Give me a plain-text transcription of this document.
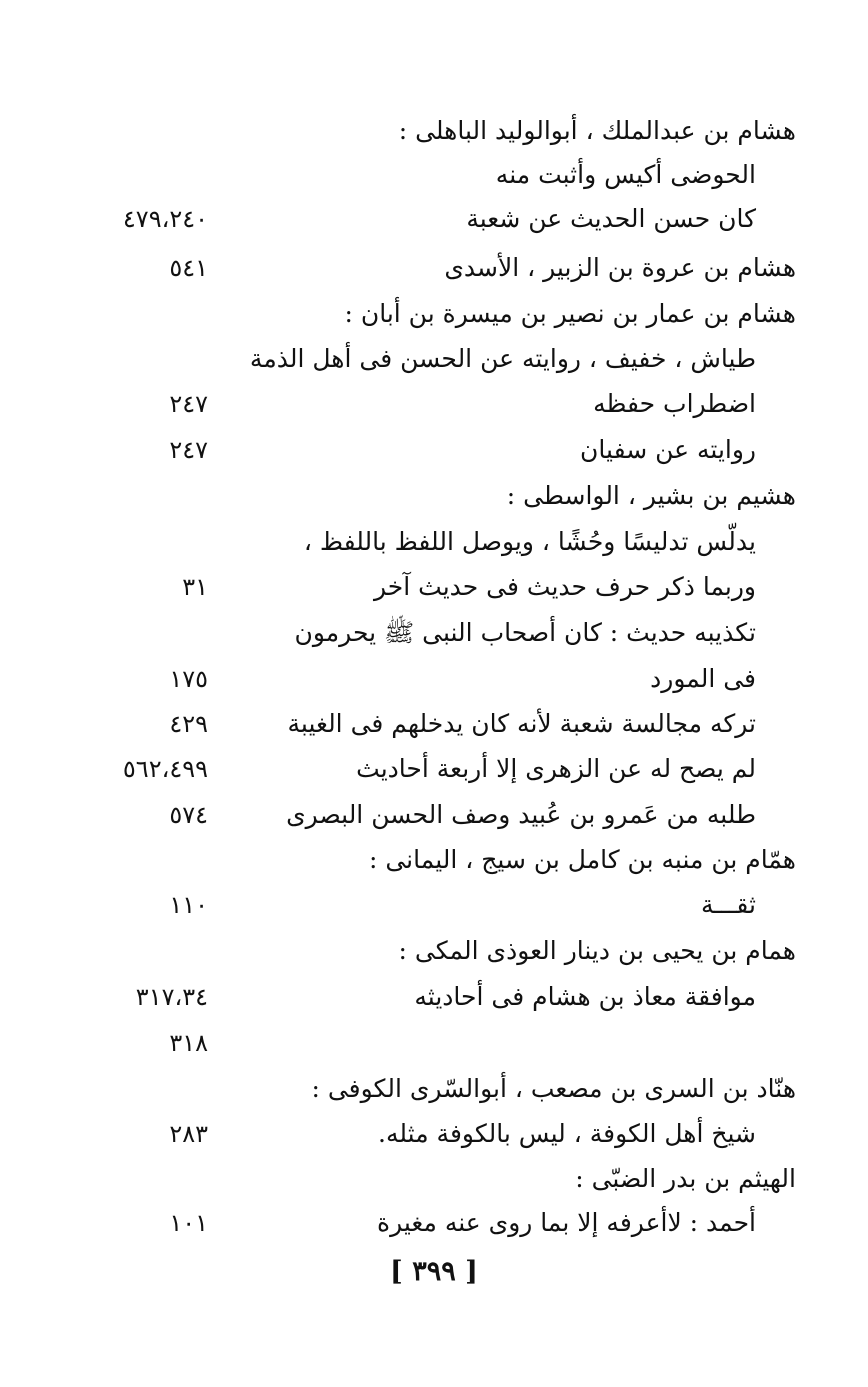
هشام بن عبدالملك ، أبوالوليد الباهلى :
الحوضى أكيس وأثبت منه
كان حسن الحديث عن شعبة
٤٧٩،٢٤٠
هشام بن عروة بن الزبير ، الأسدى
٥٤١
هشام بن عمار بن نصير بن ميسرة بن أبان :
طياش ، خفيف ، روايته عن الحسن فى أهل الذمة
اضطراب حفظه
٢٤٧
روايته عن سفيان
٢٤٧
هشيم بن بشير ، الواسطى :
يدلّس تدليسًا وحُشًا ، ويوصل اللفظ باللفظ ،
وربما ذكر حرف حديث فى حديث آخر
٣١
تكذيبه حديث : كان أصحاب النبى ﷺ يحرمون
فى المورد
١٧٥
تركه مجالسة شعبة لأنه كان يدخلهم فى الغيبة
٤٢٩
لم يصح له عن الزهرى إلا أربعة أحاديث
٥٦٢،٤٩٩
طلبه من عَمرو بن عُبيد وصف الحسن البصرى
٥٧٤
همّام بن منبه بن كامل بن سيج ، اليمانى :
ثقـــة
١١٠
همام بن يحيى بن دينار العوذى المكى :
موافقة معاذ بن هشام فى أحاديثه
٣١٧،٣٤
٣١٨
هنّاد بن السرى بن مصعب ، أبوالسّرى الكوفى :
شيخ أهل الكوفة ، ليس بالكوفة مثله.
٢٨٣
الهيثم بن بدر الضبّى :
أحمد : لاأعرفه إلا بما روى عنه مغيرة
١٠١
[ ٣٩٩ ]
